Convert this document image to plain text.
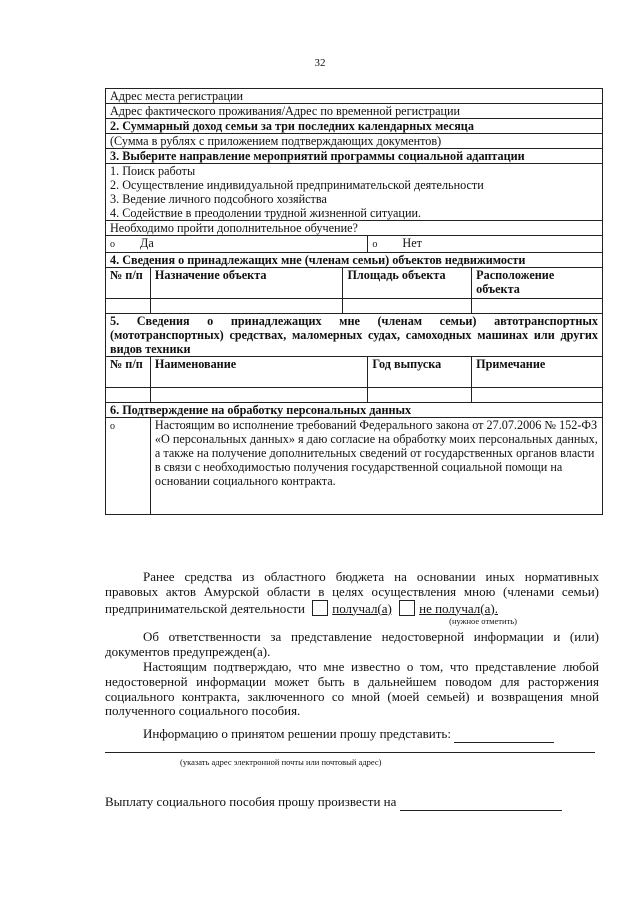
32
Адрес места регистрации				
Адрес фактического проживания/Адрес по временной регистрации				
2. Суммарный доход семьи за три последних календарных месяца				
(Сумма в рублях с приложением подтверждающих документов)				
3. Выберите направление мероприятий программы социальной адаптации				

1. Поиск работы
2. Осуществление индивидуальной предпринимательской деятельности
3. Ведение личного подсобного хозяйства
4. Содействие в преодолении трудной жизненной ситуации.				

Необходимо пройти дополнительное обучение?				
o Да			o Нет	
4. Сведения о принадлежащих мне (членам семьи) объектов недвижимости				
№ п/п	Назначение объекта	Площадь объекта		Расположение объекта

5. Сведения о принадлежащих мне (членам семьи) автотранспортных (мототранспортных) средствах, маломерных судах, самоходных машинах или других видов техники				
№ п/п	Наименование		Год выпуска	Примечание

6. Подтверждение на обработку персональных данных				
o	Настоящим во исполнение требований Федерального закона от 27.07.2006 № 152-ФЗ «О персональных данных» я даю согласие на обработку моих персональных данных, а также на получение дополнительных сведений от государственных органов власти в связи с необходимостью получения государственной социальной помощи на основании социального контракта.			
Ранее средства из областного бюджета на основании иных нормативных правовых актов Амурской области в целях осуществления мною (членами семьи) предпринимательской деятельности получал(а) не получал(а).
(нужное отметить)
Об ответственности за представление недостоверной информации и (или) документов предупрежден(а).
Настоящим подтверждаю, что мне известно о том, что представление любой недостоверной информации может быть в дальнейшем поводом для расторжения социального контракта, заключенного со мной (моей семьей) и возвращения мной полученного социального пособия.
Информацию о принятом решении прошу представить:
(указать адрес электронной почты или почтовый адрес)
Выплату социального пособия прошу произвести на
